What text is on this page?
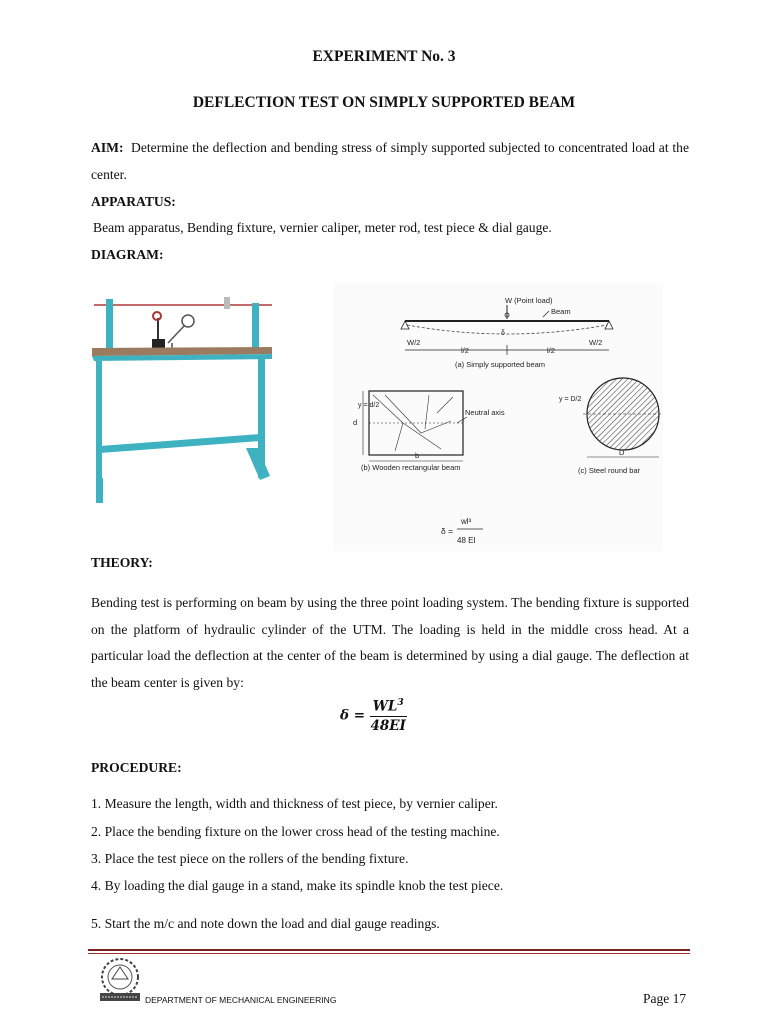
EXPERIMENT No. 3
DEFLECTION TEST ON SIMPLY SUPPORTED BEAM
AIM: Determine the deflection and bending stress of simply supported subjected to concentrated load at the center.
APPARATUS:
Beam apparatus, Bending fixture, vernier caliper, meter rod, test piece & dial gauge.
DIAGRAM:
W (Point load)
Beam
δ
W/2	W/2
l/2	l/2
(a) Simply supported beam
Neutral axis
y = d/2
d
b
(b) Wooden rectangular beam
y = D/2
D
(c) Steel round bar
δ =
wl³
48 EI
THEORY:
Bending test is performing on beam by using the three point loading system. The bending fixture is supported on the platform of hydraulic cylinder of the UTM. The loading is held in the middle cross head. At a particular load the deflection at the center of the beam is determined by using a dial gauge. The deflection at the beam center is given by:
$\delta = \frac{WL^3}{48EI}$
PROCEDURE:
1. Measure the length, width and thickness of test piece, by vernier caliper.
2. Place the bending fixture on the lower cross head of the testing machine.
3. Place the test piece on the rollers of the bending fixture.
4. By loading the dial gauge in a stand, make its spindle knob the test piece.
5. Start the m/c and note down the load and dial gauge readings.
DEPARTMENT OF MECHANICAL ENGINEERING	Page 17
